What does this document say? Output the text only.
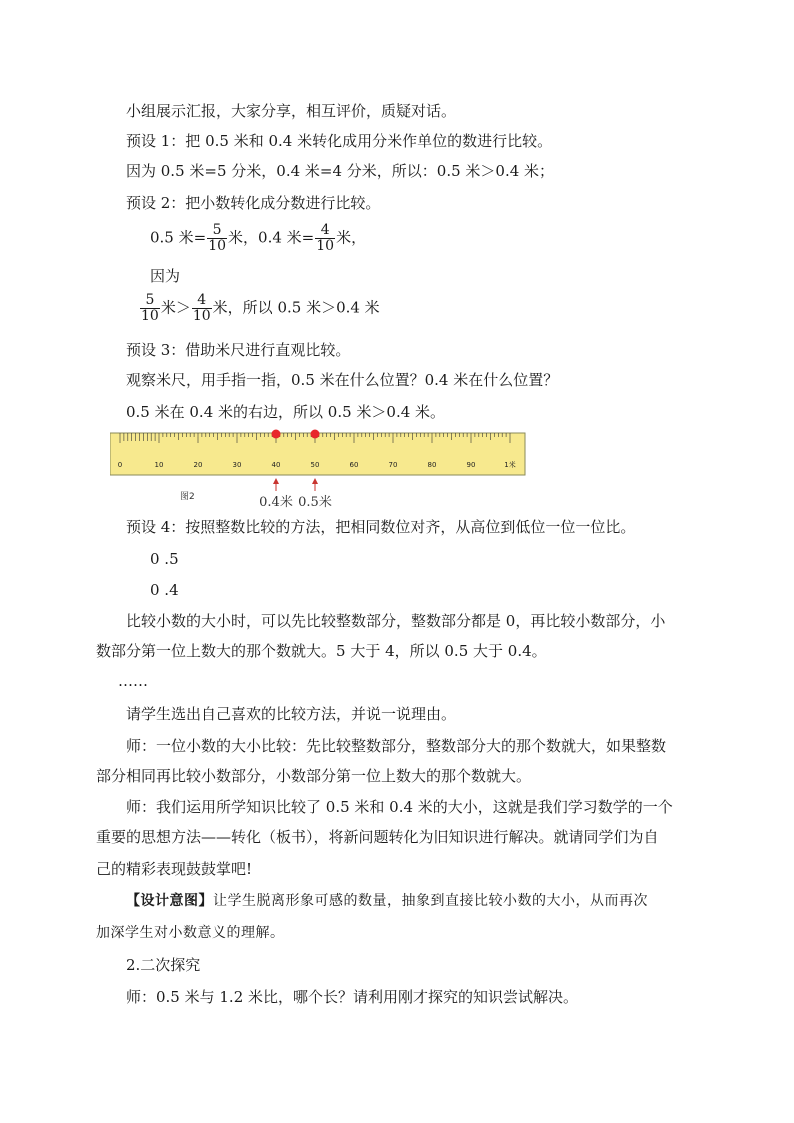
小组展示汇报，大家分享，相互评价，质疑对话。
预设 1：把 0.5 米和 0.4 米转化成用分米作单位的数进行比较。
因为 0.5 米=5 分米，0.4 米=4 分米，所以：0.5 米＞0.4 米；
预设 2：把小数转化成分数进行比较。
0.5 米= $\frac{5}{10}$ 米，0.4 米= $\frac{4}{10}$ 米，
因为
$\frac{5}{10}$ 米＞ $\frac{4}{10}$ 米，所以 0.5 米＞0.4 米
预设 3：借助米尺进行直观比较。
观察米尺，用手指一指，0.5 米在什么位置？0.4 米在什么位置？
0.5 米在 0.4 米的右边，所以 0.5 米＞0.4 米。
0	10	20	30	40	50	60	70	80	90	1米
0.4米 0.5米
图2
预设 4：按照整数比较的方法，把相同数位对齐，从高位到低位一位一位比。
0 .5
0 .4
比较小数的大小时，可以先比较整数部分，整数部分都是 0，再比较小数部分，小
数部分第一位上数大的那个数就大。5 大于 4，所以 0.5 大于 0.4。
……
请学生选出自己喜欢的比较方法，并说一说理由。
师：一位小数的大小比较：先比较整数部分，整数部分大的那个数就大，如果整数
部分相同再比较小数部分，小数部分第一位上数大的那个数就大。
师：我们运用所学知识比较了 0.5 米和 0.4 米的大小，这就是我们学习数学的一个
重要的思想方法——转化（板书），将新问题转化为旧知识进行解决。就请同学们为自
己的精彩表现鼓鼓掌吧!
【设计意图】让学生脱离形象可感的数量，抽象到直接比较小数的大小，从而再次
加深学生对小数意义的理解。
2.二次探究
师：0.5 米与 1.2 米比，哪个长？请利用刚才探究的知识尝试解决。
